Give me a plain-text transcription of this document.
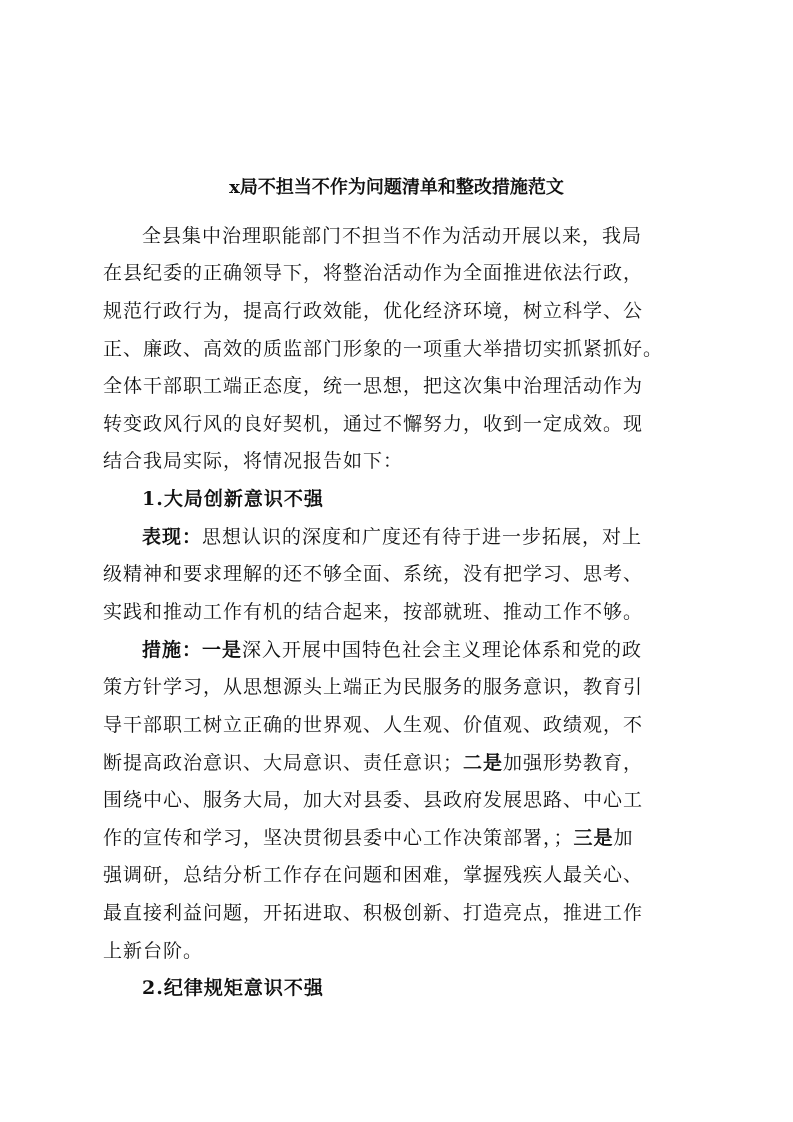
x局不担当不作为问题清单和整改措施范文
全县集中治理职能部门不担当不作为活动开展以来，我局
在县纪委的正确领导下，将整治活动作为全面推进依法行政，
规范行政行为，提高行政效能，优化经济环境，树立科学、公
正、廉政、高效的质监部门形象的一项重大举措切实抓紧抓好。
全体干部职工端正态度，统一思想，把这次集中治理活动作为
转变政风行风的良好契机，通过不懈努力，收到一定成效。现
结合我局实际，将情况报告如下：
1.大局创新意识不强
表现：思想认识的深度和广度还有待于进一步拓展，对上
级精神和要求理解的还不够全面、系统，没有把学习、思考、
实践和推动工作有机的结合起来，按部就班、推动工作不够。
措施：一是深入开展中国特色社会主义理论体系和党的政
策方针学习，从思想源头上端正为民服务的服务意识，教育引
导干部职工树立正确的世界观、人生观、价值观、政绩观，不
断提高政治意识、大局意识、责任意识；二是加强形势教育，
围绕中心、服务大局，加大对县委、县政府发展思路、中心工
作的宣传和学习，坚决贯彻县委中心工作决策部署，；三是加
强调研，总结分析工作存在问题和困难，掌握残疾人最关心、
最直接利益问题，开拓进取、积极创新、打造亮点，推进工作
上新台阶。
2.纪律规矩意识不强
